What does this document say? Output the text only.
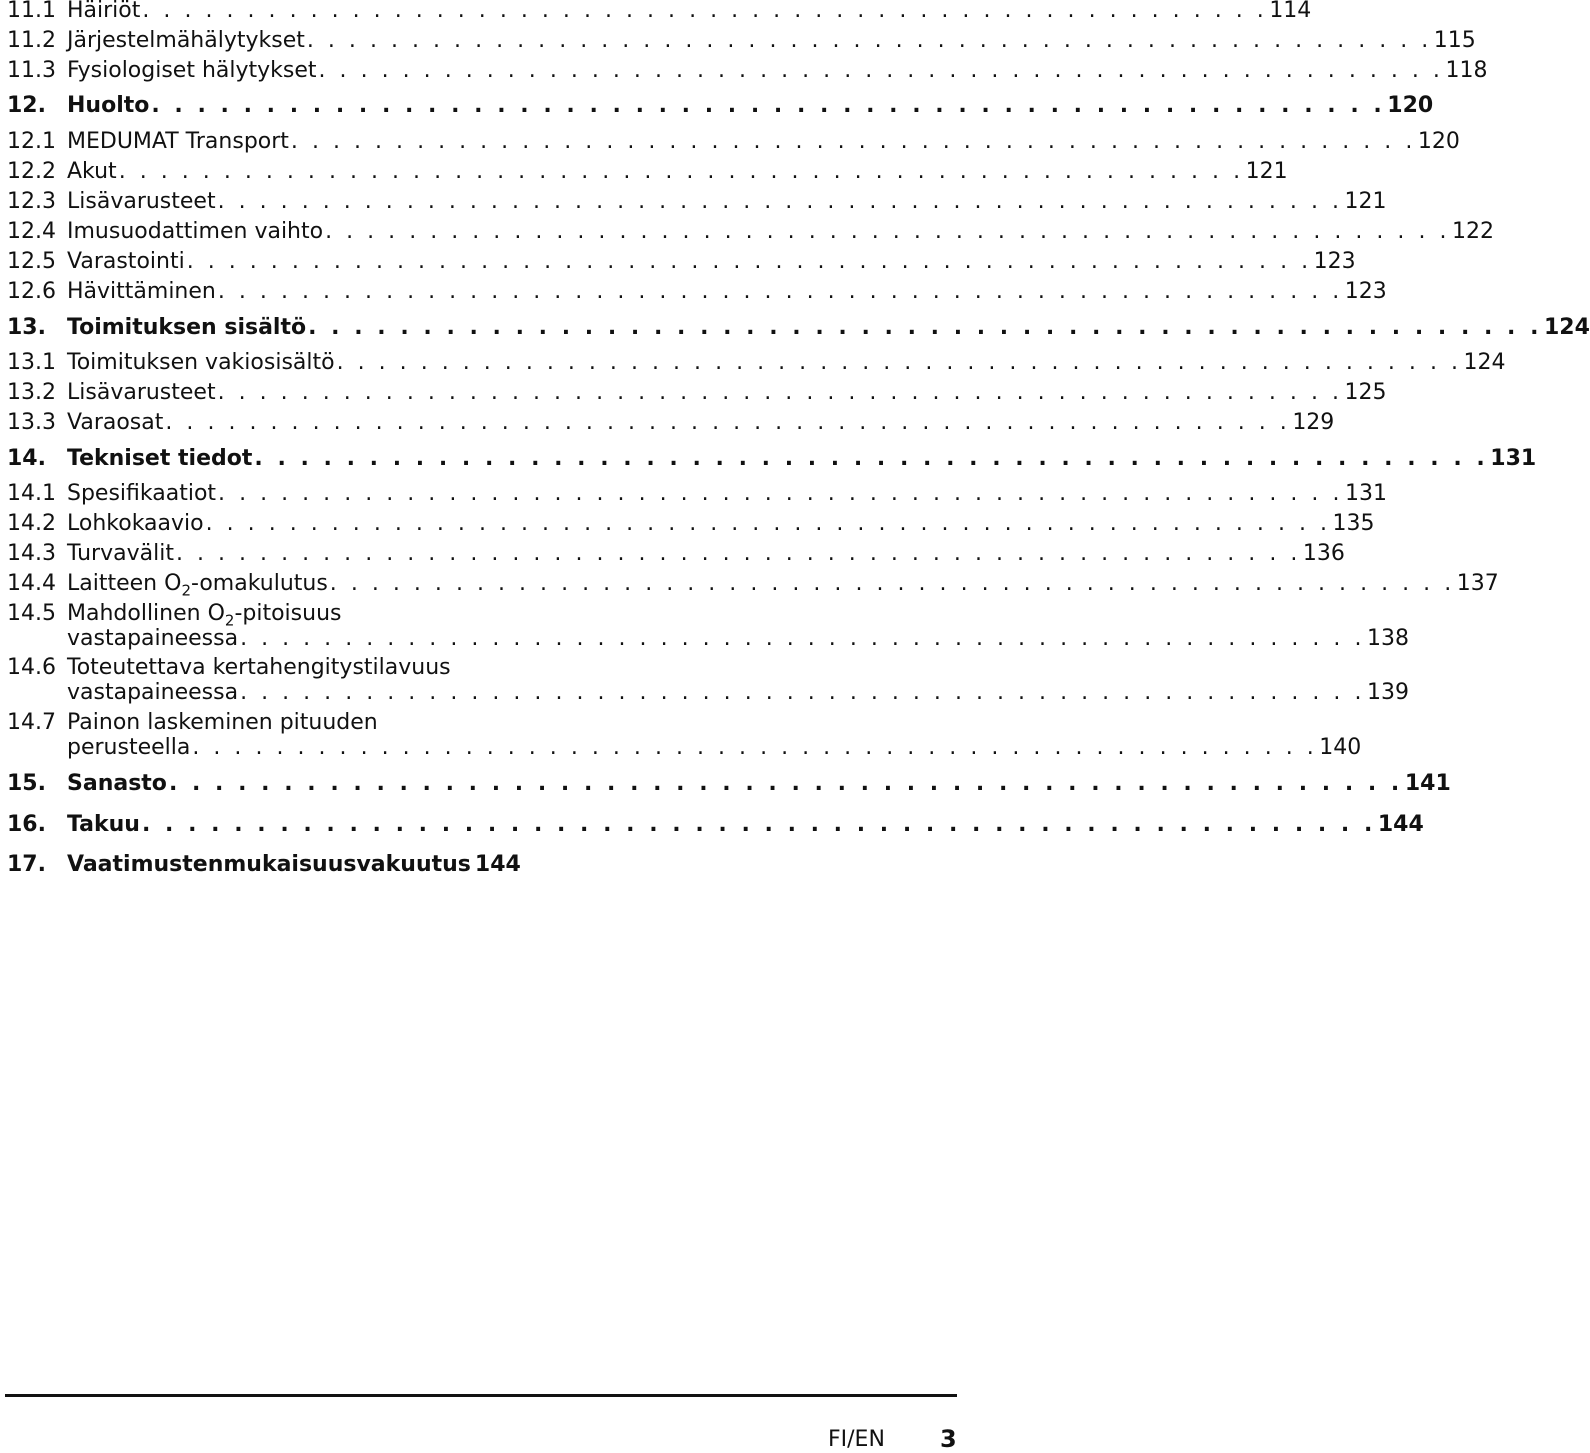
11.1 Häiriöt . . .	114
11.2 Järjestelmähälytykset . . .	115
11.3 Fysiologiset hälytykset . . .	118
12. Huolto . . .	120
12.1 MEDUMAT Transport . . .	120
12.2 Akut . . .	121
12.3 Lisävarusteet . . .	121
12.4 Imusuodattimen vaihto . . .	122
12.5 Varastointi . . .	123
12.6 Hävittäminen . . .	123
13. Toimituksen sisältö . . .	124
13.1 Toimituksen vakiosisältö . . .	124
13.2 Lisävarusteet . . .	125
13.3 Varaosat . . .	129
14. Tekniset tiedot . . .	131
14.1 Spesifikaatiot . . .	131
14.2 Lohkokaavio . . .	135
14.3 Turvavälit . . .	136
14.4 Laitteen $O_2$-omakulutus . . .	137
14.5 Mahdollinen $O_2$-pitoisuus
vastapaineessa . . .	138
14.6 Toteutettava kertahengitystilavuus
vastapaineessa . . .	139
14.7 Painon laskeminen pituuden
perusteella . . .	140
15. Sanasto . . .	141
16. Takuu . . .	144
17. Vaatimustenmukaisuusvakuutus . . . 144
FI/EN 3
